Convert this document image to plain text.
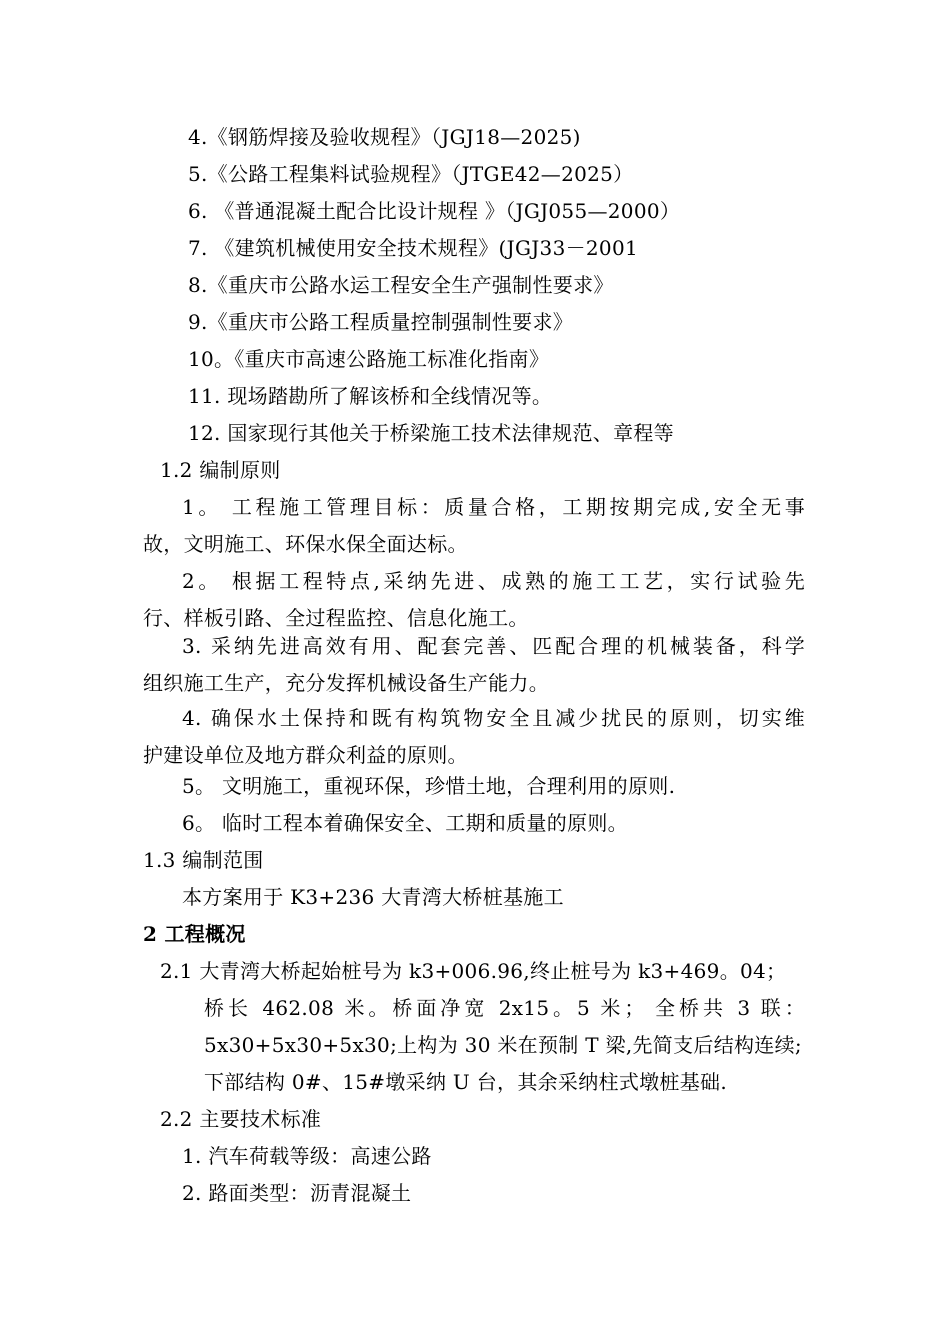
4.《钢筋焊接及验收规程》（JGJ18—2025)
5.《公路工程集料试验规程》（JTGE42—2025）
6. 《普通混凝土配合比设计规程 》（JGJ055—2000）
7. 《建筑机械使用安全技术规程》(JGJ33－2001
8.《重庆市公路水运工程安全生产强制性要求》
9.《重庆市公路工程质量控制强制性要求》
10。《重庆市高速公路施工标准化指南》
11. 现场踏勘所了解该桥和全线情况等。
12. 国家现行其他关于桥梁施工技术法律规范、章程等
1.2 编制原则
1。 工程施工管理目标：质量合格，工期按期完成,安全无事
故，文明施工、环保水保全面达标。
2。 根据工程特点,采纳先进、成熟的施工工艺，实行试验先
行、样板引路、全过程监控、信息化施工。
3. 采纳先进高效有用、配套完善、匹配合理的机械装备，科学
组织施工生产，充分发挥机械设备生产能力。
4. 确保水土保持和既有构筑物安全且减少扰民的原则，切实维
护建设单位及地方群众利益的原则。
5。 文明施工，重视环保，珍惜土地，合理利用的原则.
6。 临时工程本着确保安全、工期和质量的原则。
1.3 编制范围
本方案用于 K3+236 大青湾大桥桩基施工
2 工程概况
2.1 大青湾大桥起始桩号为 k3+006.96,终止桩号为 k3+469。04；
桥长 462.08 米。桥面净宽 2x15。5 米； 全桥共 3 联：
5x30+5x30+5x30;上构为 30 米在预制 T 梁,先简支后结构连续;
下部结构 0#、15#墩采纳 U 台，其余采纳柱式墩桩基础.
2.2 主要技术标准
1. 汽车荷载等级：高速公路
2. 路面类型：沥青混凝土
